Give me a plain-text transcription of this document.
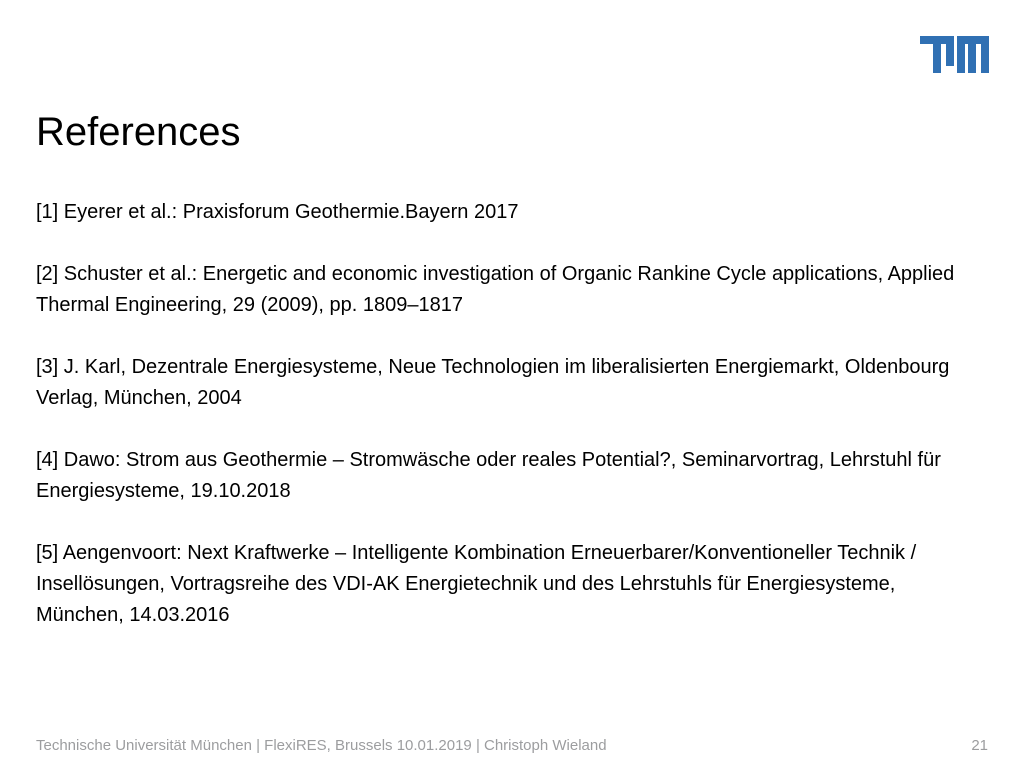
References

[1] Eyerer et al.: Praxisforum Geothermie.Bayern 2017

[2] Schuster et al.: Energetic and economic investigation of Organic Rankine Cycle applications, Applied Thermal Engineering, 29 (2009), pp. 1809–1817

[3] J. Karl, Dezentrale Energiesysteme, Neue Technologien im liberalisierten Energiemarkt, Oldenbourg Verlag, München, 2004

[4] Dawo: Strom aus Geothermie – Stromwäsche oder reales Potential?, Seminarvortrag, Lehrstuhl für Energiesysteme, 19.10.2018

[5] Aengenvoort: Next Kraftwerke – Intelligente Kombination Erneuerbarer/Konventioneller Technik / Insellösungen, Vortragsreihe des VDI-AK Energietechnik und des Lehrstuhls für Energiesysteme, München, 14.03.2016

Technische Universität München | FlexiRES, Brussels 10.01.2019 | Christoph Wieland	21
